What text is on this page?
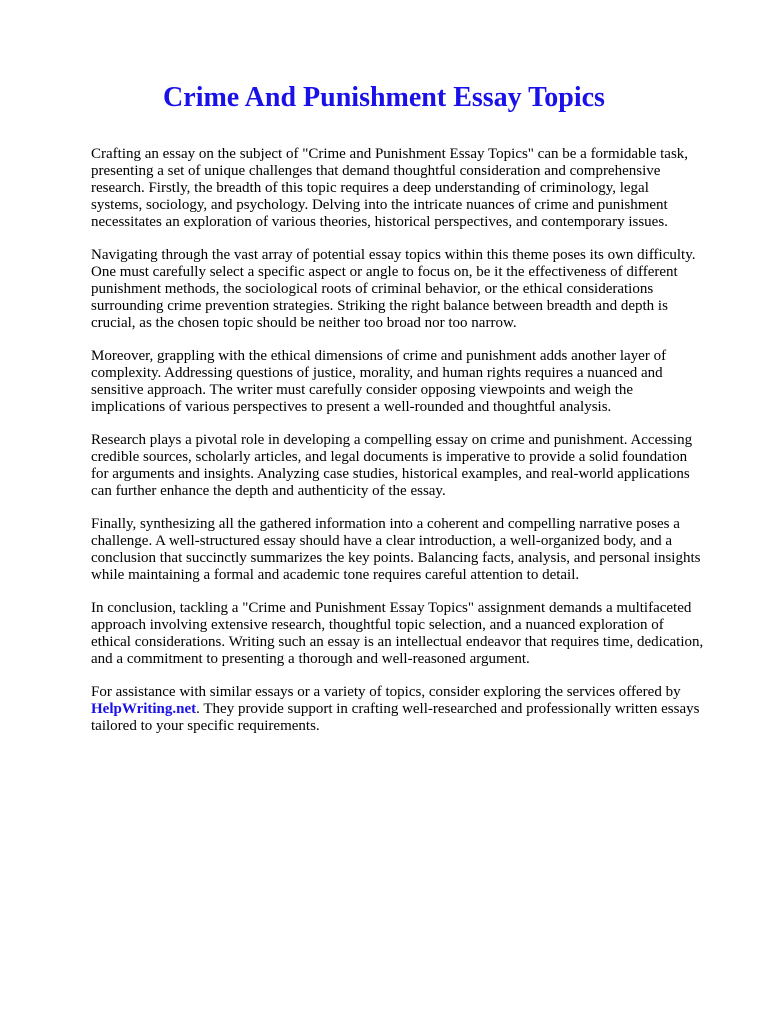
Crime And Punishment Essay Topics

Crafting an essay on the subject of "Crime and Punishment Essay Topics" can be a formidable task,
presenting a set of unique challenges that demand thoughtful consideration and comprehensive
research. Firstly, the breadth of this topic requires a deep understanding of criminology, legal
systems, sociology, and psychology. Delving into the intricate nuances of crime and punishment
necessitates an exploration of various theories, historical perspectives, and contemporary issues.

Navigating through the vast array of potential essay topics within this theme poses its own difficulty.
One must carefully select a specific aspect or angle to focus on, be it the effectiveness of different
punishment methods, the sociological roots of criminal behavior, or the ethical considerations
surrounding crime prevention strategies. Striking the right balance between breadth and depth is
crucial, as the chosen topic should be neither too broad nor too narrow.

Moreover, grappling with the ethical dimensions of crime and punishment adds another layer of
complexity. Addressing questions of justice, morality, and human rights requires a nuanced and
sensitive approach. The writer must carefully consider opposing viewpoints and weigh the
implications of various perspectives to present a well-rounded and thoughtful analysis.

Research plays a pivotal role in developing a compelling essay on crime and punishment. Accessing
credible sources, scholarly articles, and legal documents is imperative to provide a solid foundation
for arguments and insights. Analyzing case studies, historical examples, and real-world applications
can further enhance the depth and authenticity of the essay.

Finally, synthesizing all the gathered information into a coherent and compelling narrative poses a
challenge. A well-structured essay should have a clear introduction, a well-organized body, and a
conclusion that succinctly summarizes the key points. Balancing facts, analysis, and personal insights
while maintaining a formal and academic tone requires careful attention to detail.

In conclusion, tackling a "Crime and Punishment Essay Topics" assignment demands a multifaceted
approach involving extensive research, thoughtful topic selection, and a nuanced exploration of
ethical considerations. Writing such an essay is an intellectual endeavor that requires time, dedication,
and a commitment to presenting a thorough and well-reasoned argument.

For assistance with similar essays or a variety of topics, consider exploring the services offered by
HelpWriting.net. They provide support in crafting well-researched and professionally written essays
tailored to your specific requirements.
